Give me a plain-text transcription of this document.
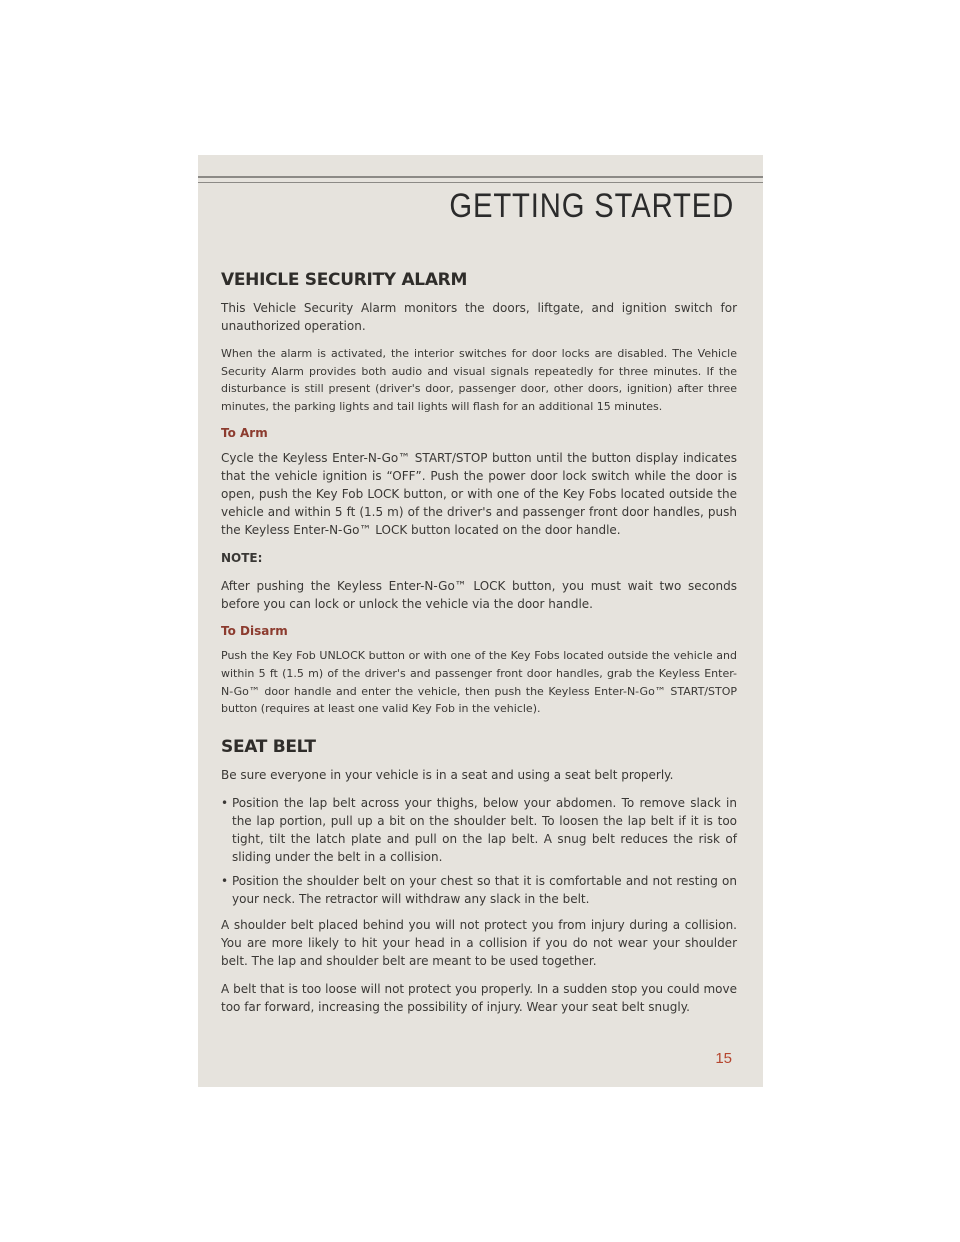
GETTING STARTED
VEHICLE SECURITY ALARM

This Vehicle Security Alarm monitors the doors, liftgate, and ignition switch for unauthorized operation.

When the alarm is activated, the interior switches for door locks are disabled. The Vehicle Security Alarm provides both audio and visual signals repeatedly for three minutes. If the disturbance is still present (driver's door, passenger door, other doors, ignition) after three minutes, the parking lights and tail lights will flash for an additional 15 minutes.

To Arm

Cycle the Keyless Enter-N-Go™ START/STOP button until the button display indicates that the vehicle ignition is “OFF”. Push the power door lock switch while the door is open, push the Key Fob LOCK button, or with one of the Key Fobs located outside the vehicle and within 5 ft (1.5 m) of the driver's and passenger front door handles, push the Keyless Enter-N-Go™ LOCK button located on the door handle.

NOTE:

After pushing the Keyless Enter-N-Go™ LOCK button, you must wait two seconds before you can lock or unlock the vehicle via the door handle.

To Disarm

Push the Key Fob UNLOCK button or with one of the Key Fobs located outside the vehicle and within 5 ft (1.5 m) of the driver's and passenger front door handles, grab the Keyless Enter-N-Go™ door handle and enter the vehicle, then push the Keyless Enter-N-Go™ START/STOP button (requires at least one valid Key Fob in the vehicle).

SEAT BELT

Be sure everyone in your vehicle is in a seat and using a seat belt properly.

• Position the lap belt across your thighs, below your abdomen. To remove slack in the lap portion, pull up a bit on the shoulder belt. To loosen the lap belt if it is too tight, tilt the latch plate and pull on the lap belt. A snug belt reduces the risk of sliding under the belt in a collision.
• Position the shoulder belt on your chest so that it is comfortable and not resting on your neck. The retractor will withdraw any slack in the belt.

A shoulder belt placed behind you will not protect you from injury during a collision. You are more likely to hit your head in a collision if you do not wear your shoulder belt. The lap and shoulder belt are meant to be used together.

A belt that is too loose will not protect you properly. In a sudden stop you could move too far forward, increasing the possibility of injury. Wear your seat belt snugly.

15
